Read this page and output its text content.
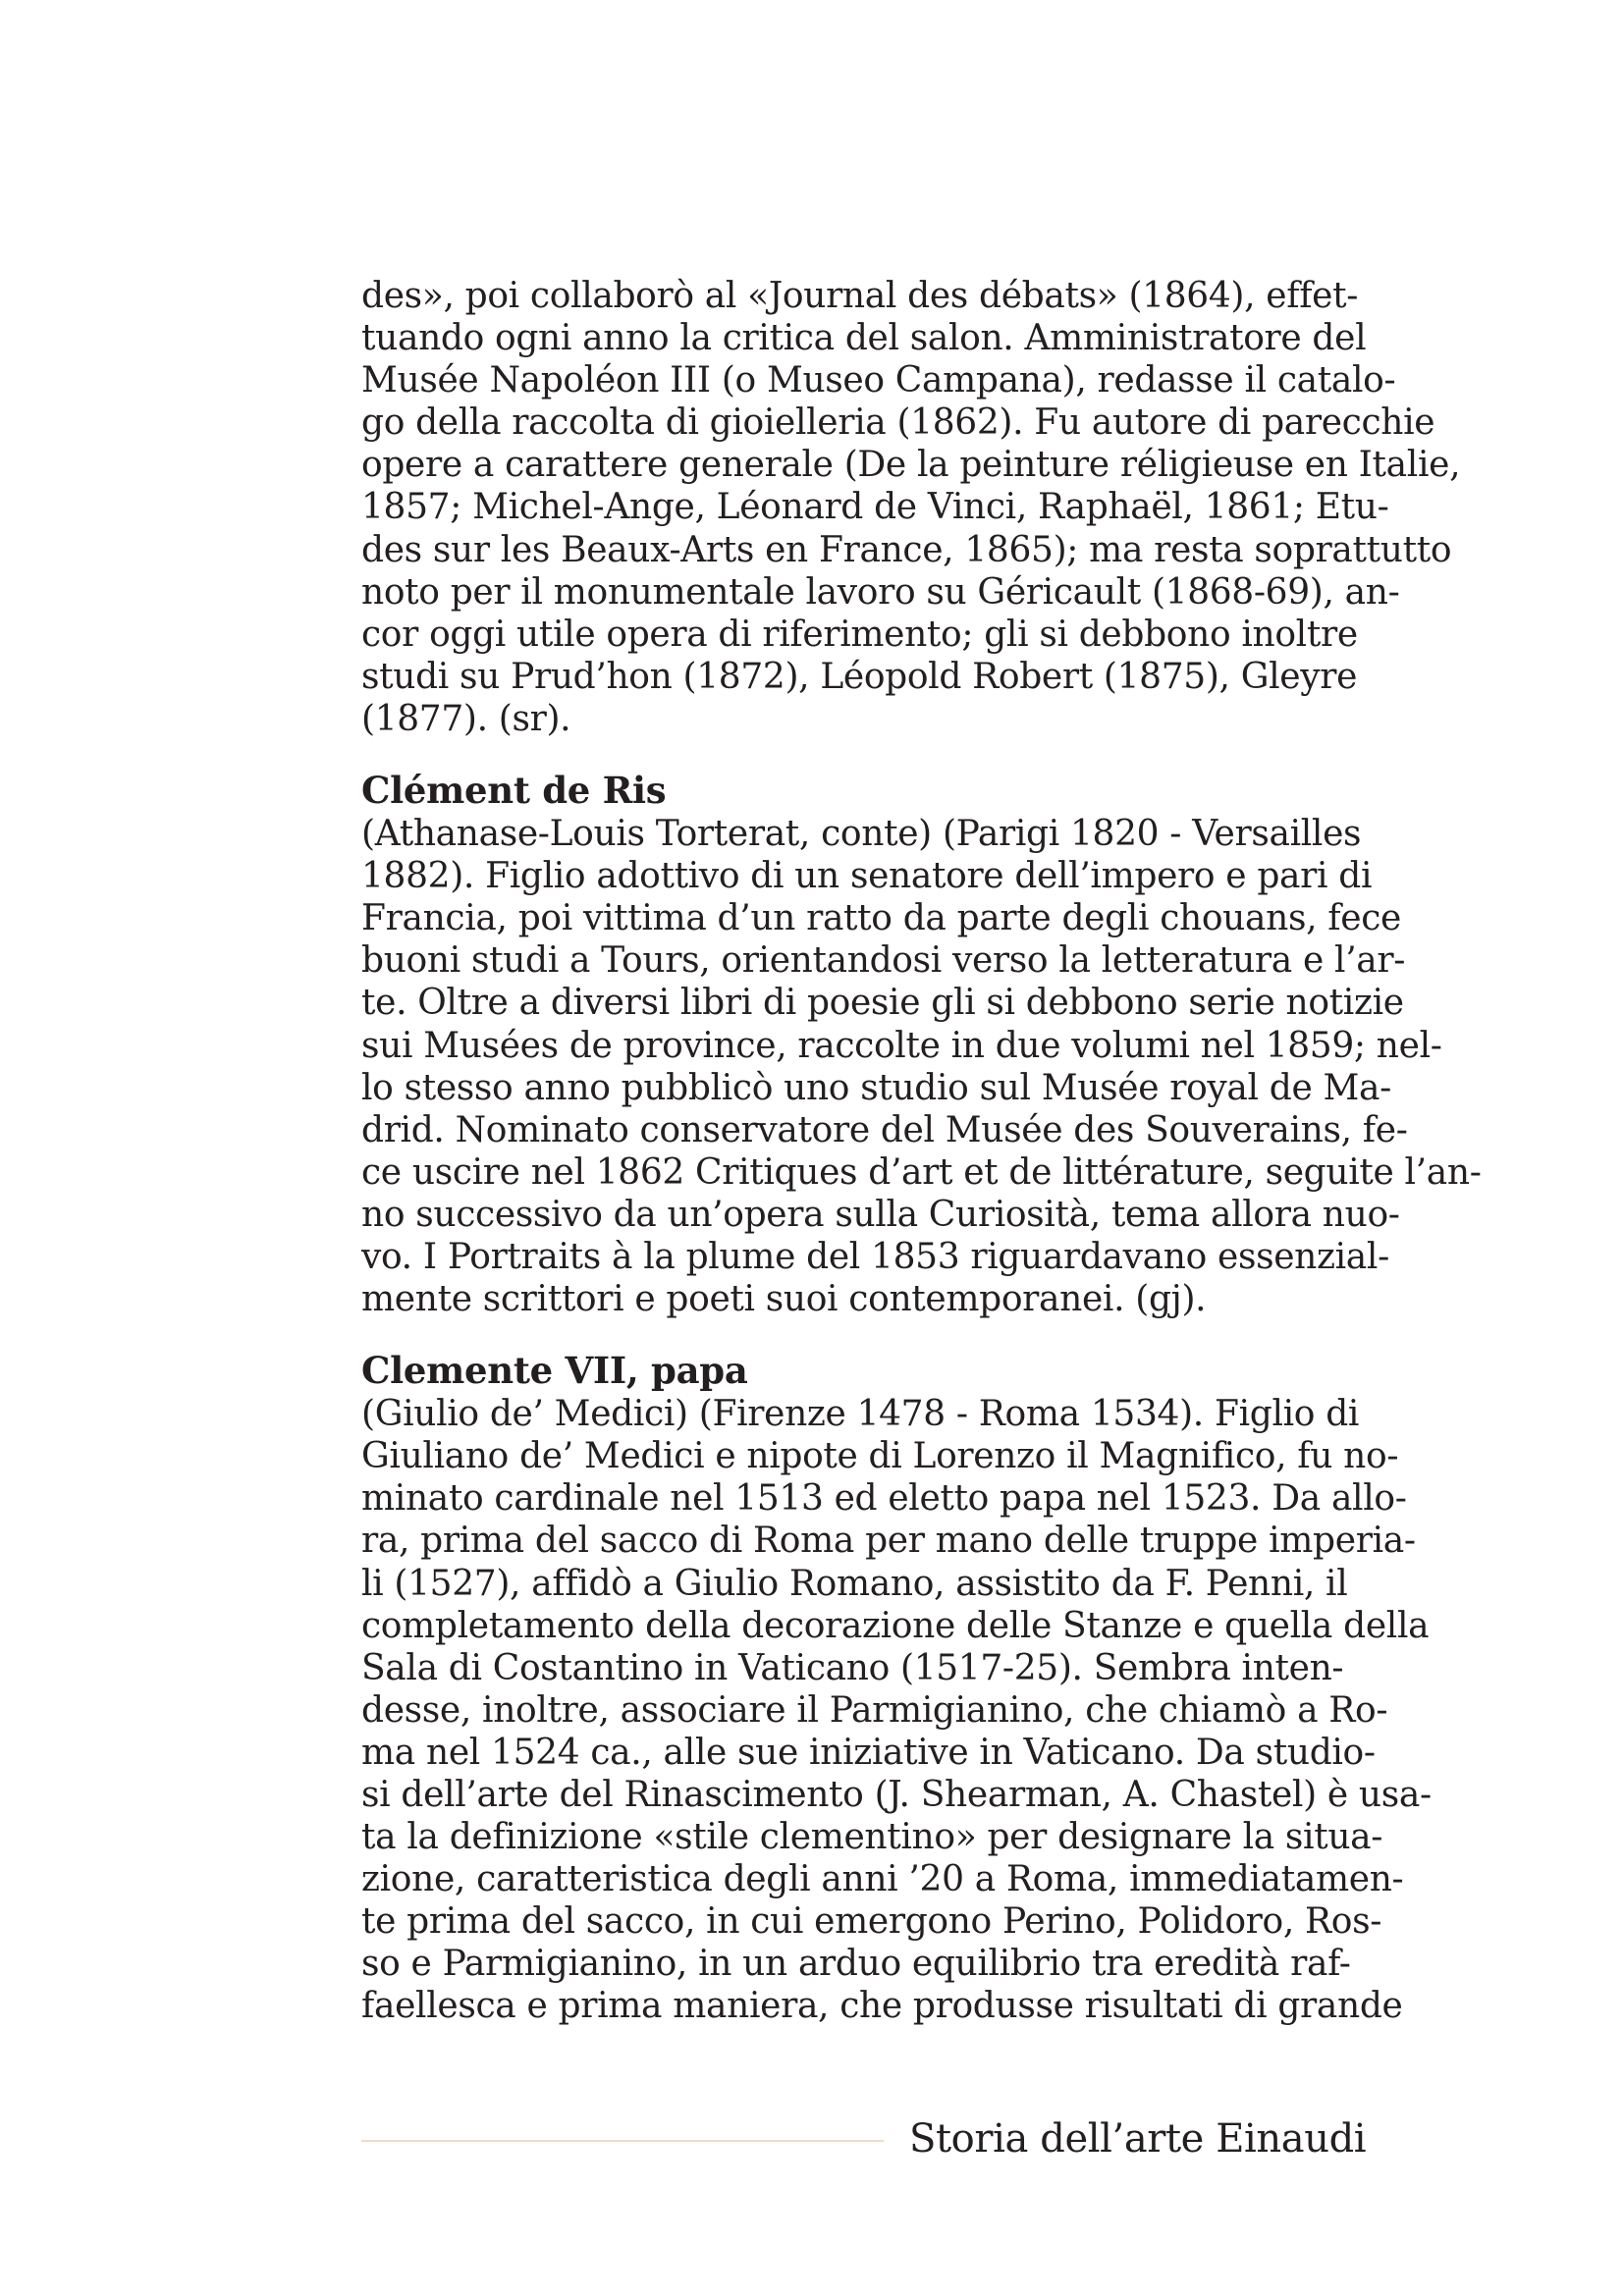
des», poi collaborò al «Journal des débats» (1864), effet-
tuando ogni anno la critica del salon. Amministratore del
Musée Napoléon III (o Museo Campana), redasse il catalo-
go della raccolta di gioielleria (1862). Fu autore di parecchie
opere a carattere generale (De la peinture réligieuse en Italie,
1857; Michel-Ange, Léonard de Vinci, Raphaël, 1861; Etu-
des sur les Beaux-Arts en France, 1865); ma resta soprattutto
noto per il monumentale lavoro su Géricault (1868-69), an-
cor oggi utile opera di riferimento; gli si debbono inoltre
studi su Prud’hon (1872), Léopold Robert (1875), Gleyre
(1877). (sr).
Clément de Ris
(Athanase-Louis Torterat, conte) (Parigi 1820 - Versailles
1882). Figlio adottivo di un senatore dell’impero e pari di
Francia, poi vittima d’un ratto da parte degli chouans, fece
buoni studi a Tours, orientandosi verso la letteratura e l’ar-
te. Oltre a diversi libri di poesie gli si debbono serie notizie
sui Musées de province, raccolte in due volumi nel 1859; nel-
lo stesso anno pubblicò uno studio sul Musée royal de Ma-
drid. Nominato conservatore del Musée des Souverains, fe-
ce uscire nel 1862 Critiques d’art et de littérature, seguite l’an-
no successivo da un’opera sulla Curiosità, tema allora nuo-
vo. I Portraits à la plume del 1853 riguardavano essenzial-
mente scrittori e poeti suoi contemporanei. (gj).
Clemente VII, papa
(Giulio de’ Medici) (Firenze 1478 - Roma 1534). Figlio di
Giuliano de’ Medici e nipote di Lorenzo il Magnifico, fu no-
minato cardinale nel 1513 ed eletto papa nel 1523. Da allo-
ra, prima del sacco di Roma per mano delle truppe imperia-
li (1527), affidò a Giulio Romano, assistito da F. Penni, il
completamento della decorazione delle Stanze e quella della
Sala di Costantino in Vaticano (1517-25). Sembra inten-
desse, inoltre, associare il Parmigianino, che chiamò a Ro-
ma nel 1524 ca., alle sue iniziative in Vaticano. Da studio-
si dell’arte del Rinascimento (J. Shearman, A. Chastel) è usa-
ta la definizione «stile clementino» per designare la situa-
zione, caratteristica degli anni ’20 a Roma, immediatamen-
te prima del sacco, in cui emergono Perino, Polidoro, Ros-
so e Parmigianino, in un arduo equilibrio tra eredità raf-
faellesca e prima maniera, che produsse risultati di grande
Storia dell’arte Einaudi
